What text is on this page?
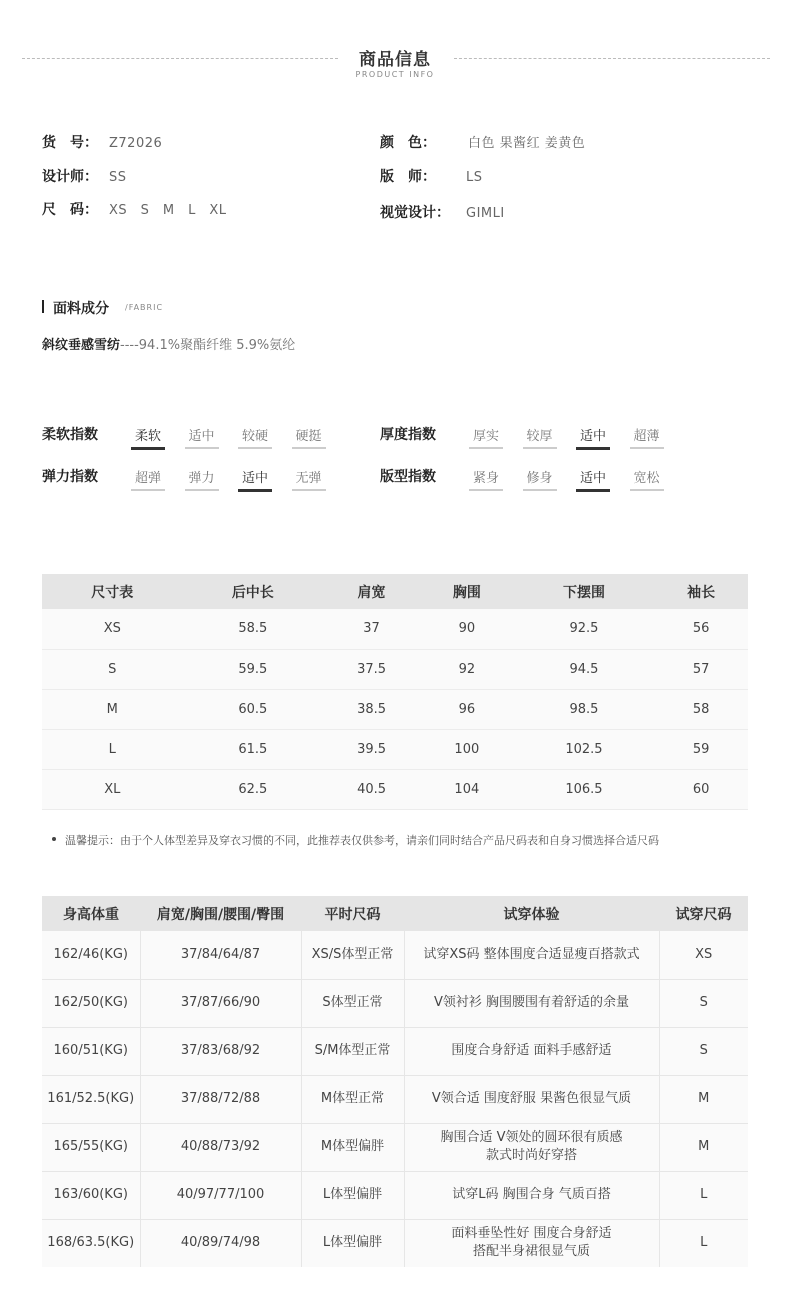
商品信息
PRODUCT INFO
货　号： Z72026
设计师： SS
尺　码： XS　S　M　L　XL
颜　色： 白色 果酱红 姜黄色
版　师： LS
视觉设计： GIMLI
面料成分 /FABRIC
斜纹垂感雪纺----94.1%聚酯纤维 5.9%氨纶
柔软指数	柔软	适中	较硬	硬挺	厚度指数	厚实	较厚	适中	超薄
弹力指数	超弹	弹力	适中	无弹	版型指数	紧身	修身	适中	宽松
尺寸表	后中长	肩宽	胸围	下摆围	袖长
XS	58.5	37	90	92.5	56
S	59.5	37.5	92	94.5	57
M	60.5	38.5	96	98.5	58
L	61.5	39.5	100	102.5	59
XL	62.5	40.5	104	106.5	60
温馨提示：由于个人体型差异及穿衣习惯的不同，此推荐表仅供参考，请亲们同时结合产品尺码表和自身习惯选择合适尺码
身高体重	肩宽/胸围/腰围/臀围	平时尺码	试穿体验	试穿尺码
162/46(KG)	37/84/64/87	XS/S体型正常	试穿XS码 整体围度合适显瘦百搭款式	XS
162/50(KG)	37/87/66/90	S体型正常	V领衬衫 胸围腰围有着舒适的余量	S
160/51(KG)	37/83/68/92	S/M体型正常	围度合身舒适 面料手感舒适	S
161/52.5(KG)	37/88/72/88	M体型正常	V领合适 围度舒服 果酱色很显气质	M
165/55(KG)	40/88/73/92	M体型偏胖	胸围合适 V领处的圆环很有质感
款式时尚好穿搭	M
163/60(KG)	40/97/77/100	L体型偏胖	试穿L码 胸围合身 气质百搭	L
168/63.5(KG)	40/89/74/98	L体型偏胖	面料垂坠性好 围度合身舒适
搭配半身裙很显气质	L
